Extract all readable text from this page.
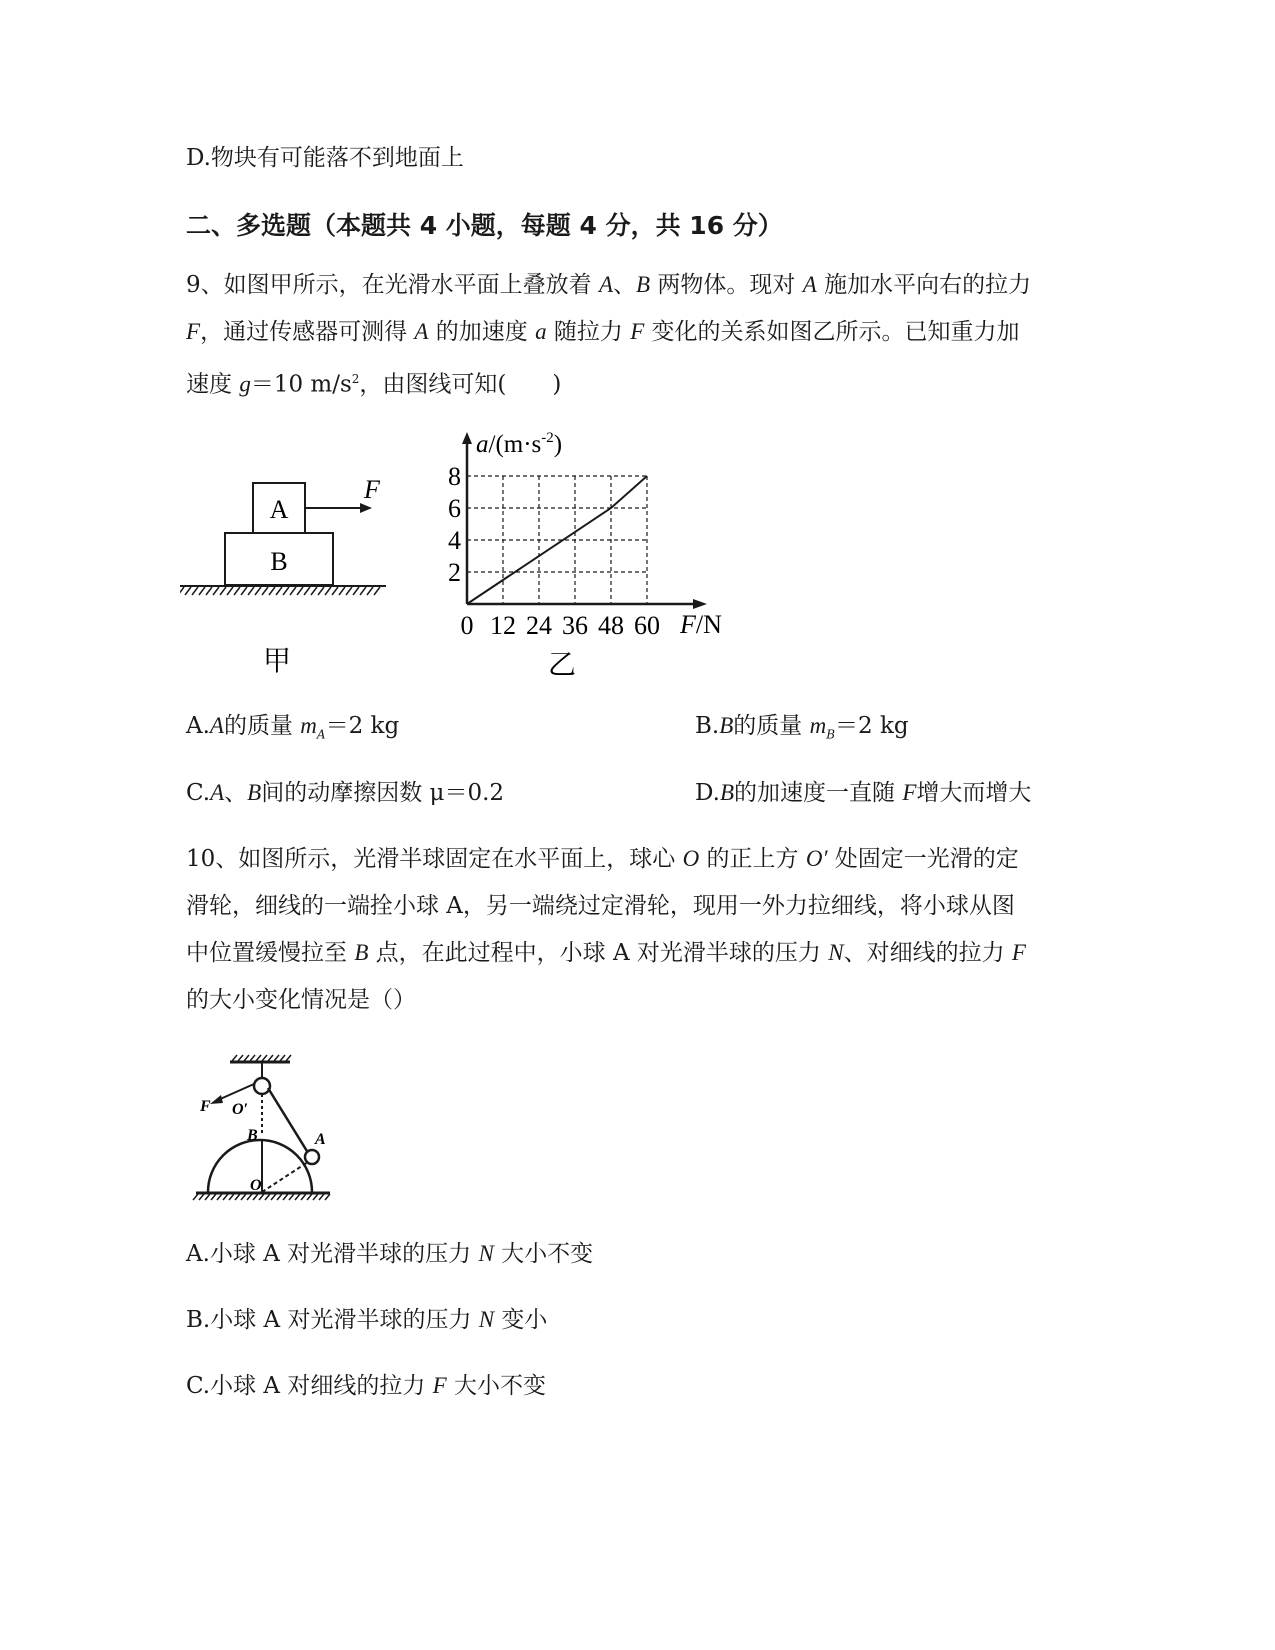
D.物块有可能落不到地面上
二、多选题（本题共 4 小题，每题 4 分，共 16 分）
9、如图甲所示，在光滑水平面上叠放着 A、B 两物体。现对 A 施加水平向右的拉力
F，通过传感器可测得 A 的加速度 a 随拉力 F 变化的关系如图乙所示。已知重力加
速度 g＝10 $m/s^2$，由图线可知(　　)
A
B
F
甲
0 12 24 36 48 60
2
4
6
8
$a/(m\cdot s^{-2})$
F/N
乙
A.A的质量 $m_A=2$ kg	B.B的质量 $m_B=2$ kg
C.A、B间的动摩擦因数 μ＝0.2	D.B的加速度一直随 F增大而增大
10、如图所示，光滑半球固定在水平面上，球心 O 的正上方 O′ 处固定一光滑的定
滑轮，细线的一端拴小球 A，另一端绕过定滑轮，现用一外力拉细线，将小球从图
中位置缓慢拉至 B 点，在此过程中，小球 A 对光滑半球的压力 N、对细线的拉力 F
的大小变化情况是（）
F O′
B	A
O
A.小球 A 对光滑半球的压力 N 大小不变
B.小球 A 对光滑半球的压力 N 变小
C.小球 A 对细线的拉力 F 大小不变
